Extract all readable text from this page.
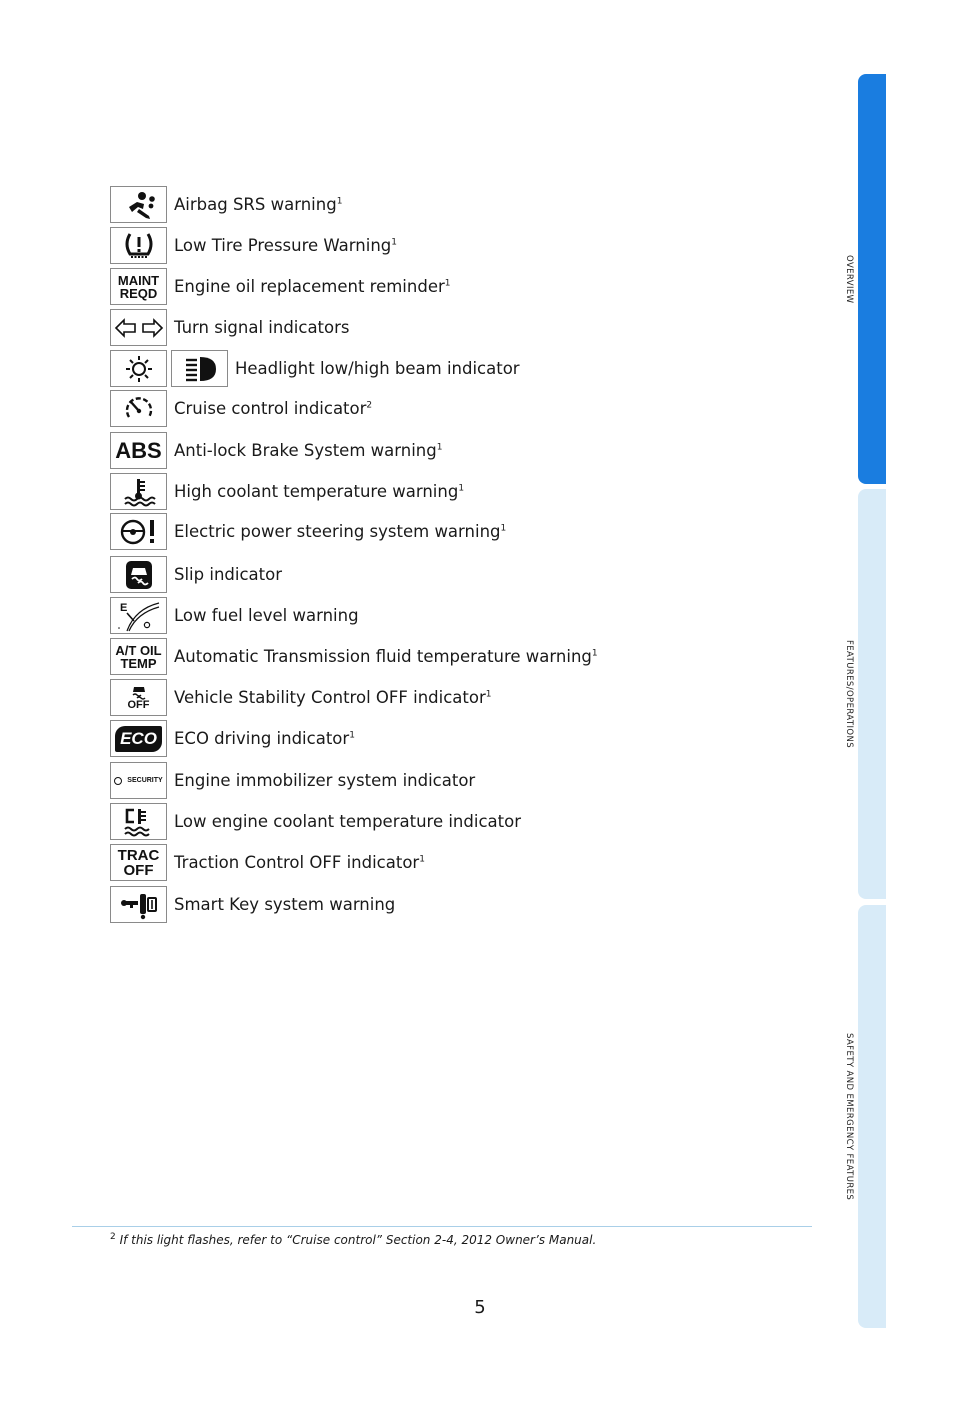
OVERVIEW
FEATURES/OPERATIONS
SAFETY AND EMERGENCY FEATURES
Airbag SRS warning$^1$
Low Tire Pressure Warning$^1$
MAINT
REQD Engine oil replacement reminder$^1$
Turn signal indicators
Headlight low/high beam indicator
Cruise control indicator$^2$
ABS Anti-lock Brake System warning$^1$
High coolant temperature warning$^1$
Electric power steering system warning$^1$
Slip indicator
E	Low fuel level warning
A/T OIL
TEMP Automatic Transmission fluid temperature warning$^1$
OFF Vehicle Stability Control OFF indicator$^1$
ECO	ECO driving indicator$^1$
SECURITY Engine immobilizer system indicator
Low engine coolant temperature indicator
TRAC
OFF Traction Control OFF indicator$^1$
Smart Key system warning
$^2$ If this light flashes, refer to “Cruise control” Section 2-4, 2012 Owner’s Manual.
5
